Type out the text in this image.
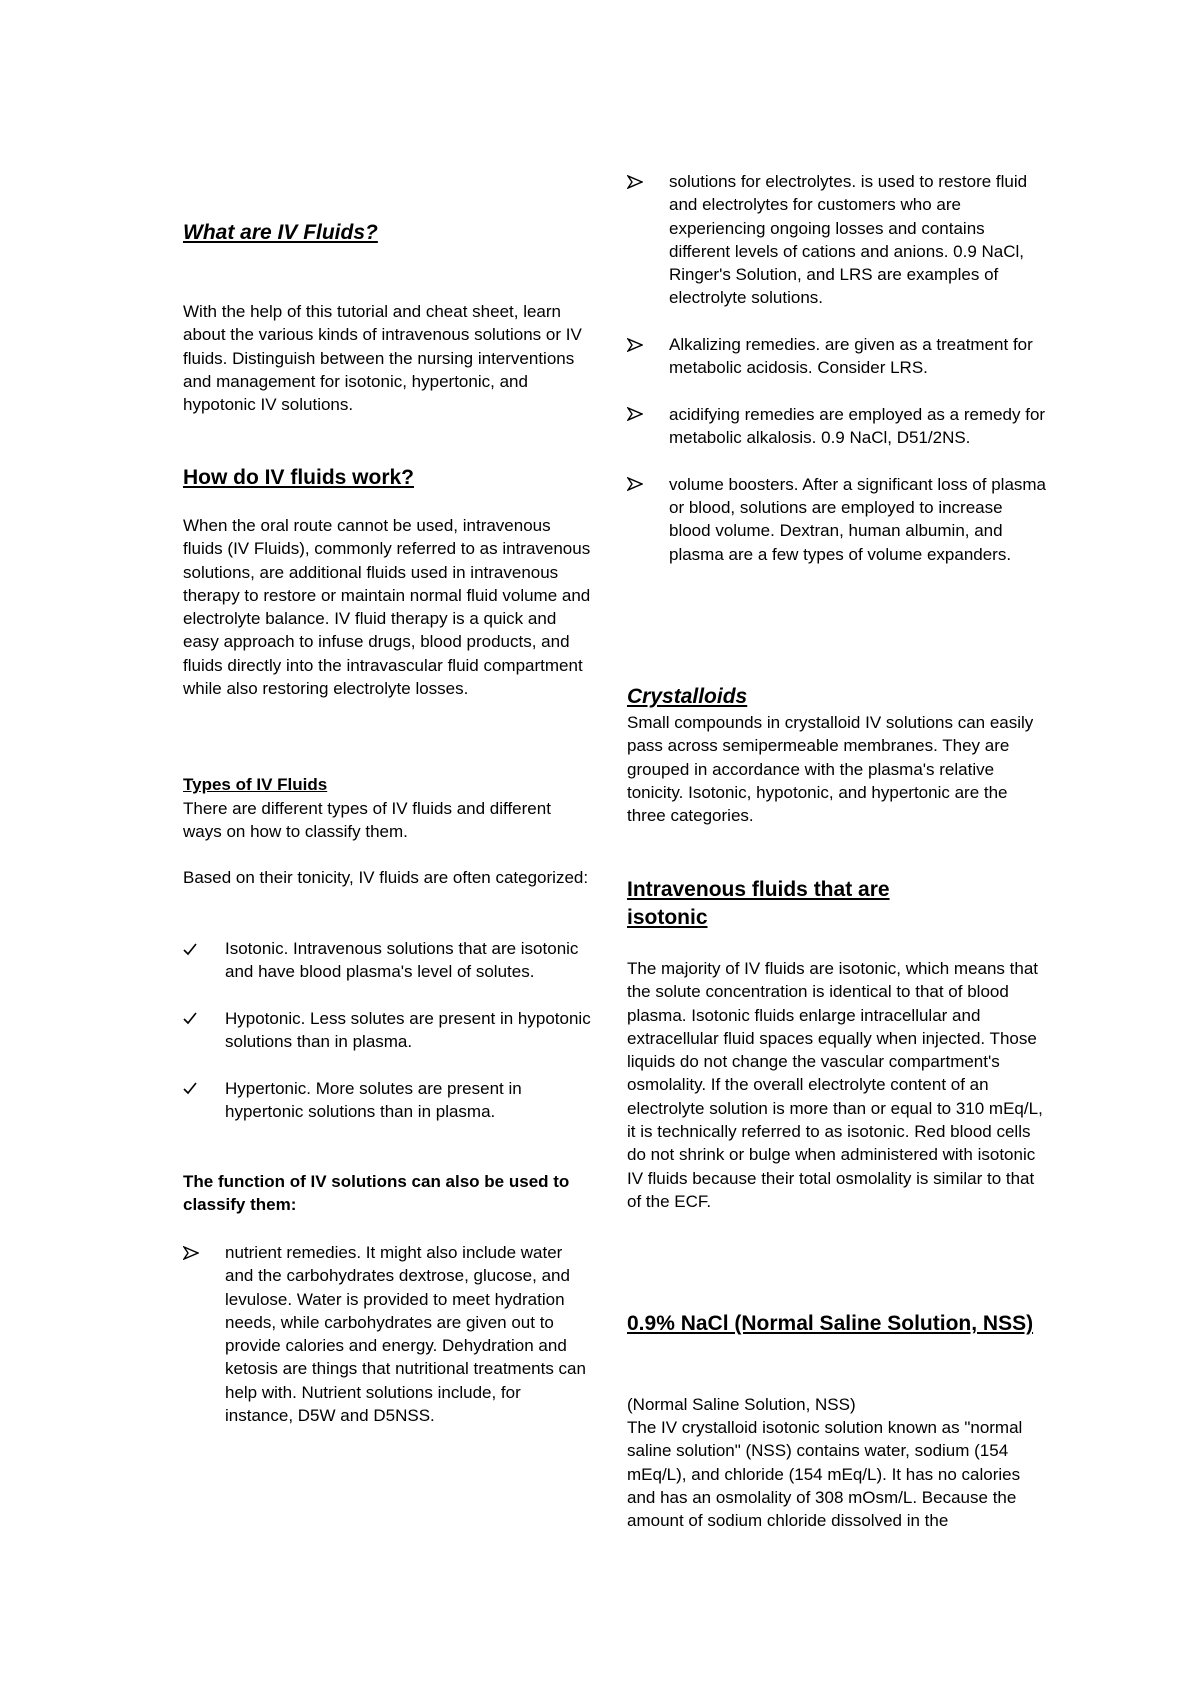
What are IV Fluids?

With the help of this tutorial and cheat sheet, learn about the various kinds of intravenous solutions or IV fluids. Distinguish between the nursing interventions and management for isotonic, hypertonic, and hypotonic IV solutions.

How do IV fluids work?

When the oral route cannot be used, intravenous fluids (IV Fluids), commonly referred to as intravenous solutions, are additional fluids used in intravenous therapy to restore or maintain normal fluid volume and electrolyte balance. IV fluid therapy is a quick and easy approach to infuse drugs, blood products, and fluids directly into the intravascular fluid compartment while also restoring electrolyte losses.

Types of IV Fluids

There are different types of IV fluids and different ways on how to classify them.

Based on their tonicity, IV fluids are often categorized:

Isotonic. Intravenous solutions that are isotonic and have blood plasma's level of solutes.
Hypotonic. Less solutes are present in hypotonic solutions than in plasma.
Hypertonic. More solutes are present in hypertonic solutions than in plasma.

The function of IV solutions can also be used to classify them:

nutrient remedies. It might also include water and the carbohydrates dextrose, glucose, and levulose. Water is provided to meet hydration needs, while carbohydrates are given out to provide calories and energy. Dehydration and ketosis are things that nutritional treatments can help with. Nutrient solutions include, for instance, D5W and D5NSS.
solutions for electrolytes. is used to restore fluid and electrolytes for customers who are experiencing ongoing losses and contains different levels of cations and anions. 0.9 NaCl, Ringer's Solution, and LRS are examples of electrolyte solutions.
Alkalizing remedies. are given as a treatment for metabolic acidosis. Consider LRS.
acidifying remedies are employed as a remedy for metabolic alkalosis. 0.9 NaCl, D51/2NS.
volume boosters. After a significant loss of plasma or blood, solutions are employed to increase blood volume. Dextran, human albumin, and plasma are a few types of volume expanders.
Crystalloids

Small compounds in crystalloid IV solutions can easily pass across semipermeable membranes. They are grouped in accordance with the plasma's relative tonicity. Isotonic, hypotonic, and hypertonic are the three categories.

Intravenous fluids that are isotonic

The majority of IV fluids are isotonic, which means that the solute concentration is identical to that of blood plasma. Isotonic fluids enlarge intracellular and extracellular fluid spaces equally when injected. Those liquids do not change the vascular compartment's osmolality. If the overall electrolyte content of an electrolyte solution is more than or equal to 310 mEq/L, it is technically referred to as isotonic. Red blood cells do not shrink or bulge when administered with isotonic IV fluids because their total osmolality is similar to that of the ECF.

0.9% NaCl (Normal Saline Solution, NSS)

(Normal Saline Solution, NSS)

The IV crystalloid isotonic solution known as "normal saline solution" (NSS) contains water, sodium (154 mEq/L), and chloride (154 mEq/L). It has no calories and has an osmolality of 308 mOsm/L. Because the amount of sodium chloride dissolved in the
